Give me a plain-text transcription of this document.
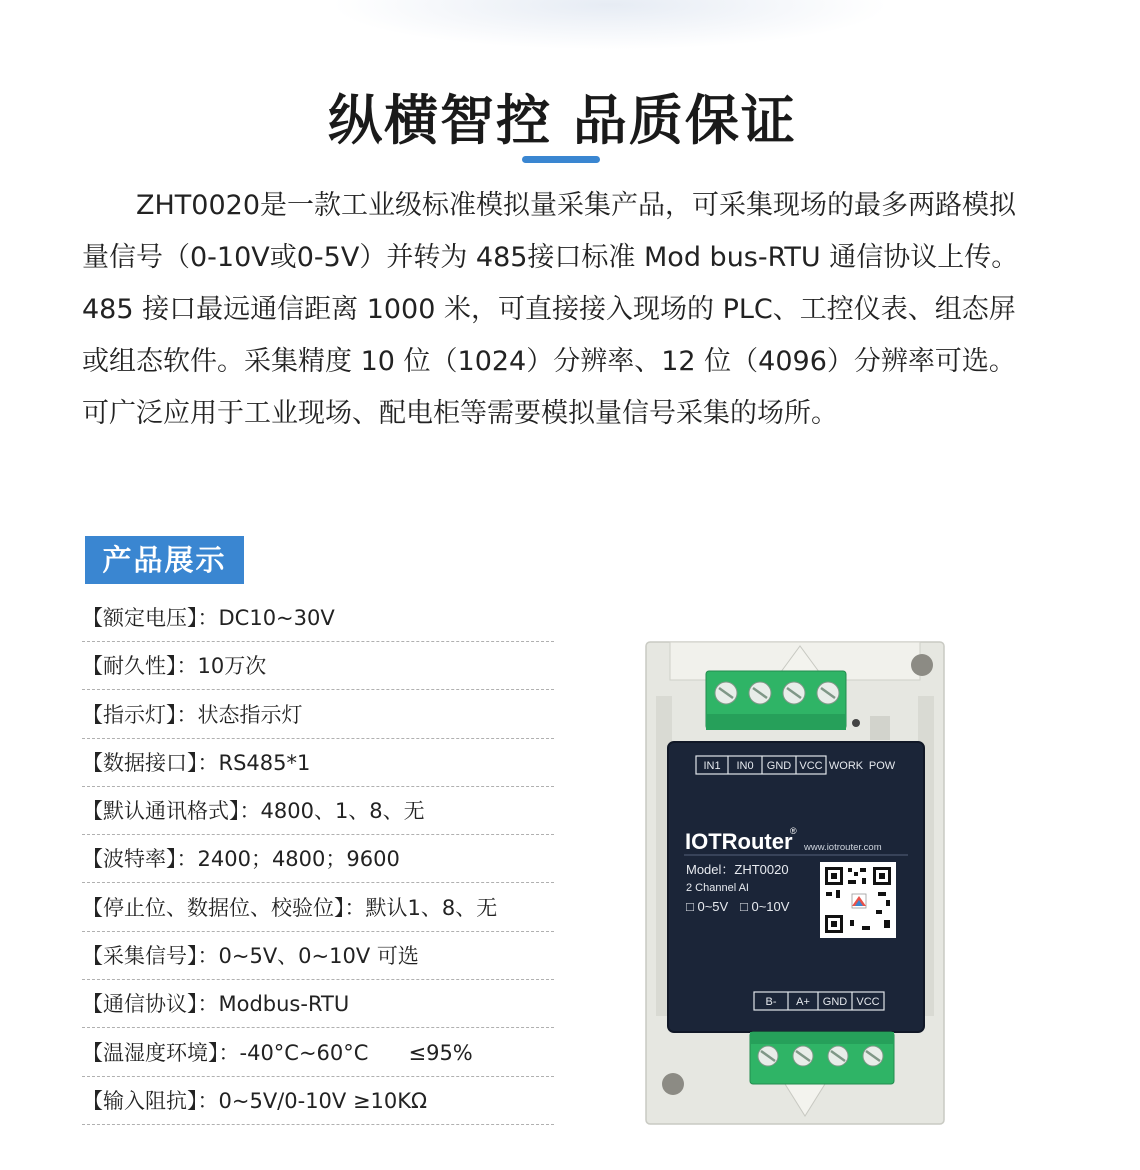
纵横智控 品质保证

ZHT0020是一款工业级标准模拟量采集产品，可采集现场的最多两路模拟量信号（0-10V或0-5V）并转为 485接口标准 Mod bus-RTU 通信协议上传。485 接口最远通信距离 1000 米，可直接接入现场的 PLC、工控仪表、组态屏或组态软件。采集精度 10 位（1024）分辨率、12 位（4096）分辨率可选。可广泛应用于工业现场、配电柜等需要模拟量信号采集的场所。

产品展示
【额定电压】：DC10~30V
【耐久性】：10万次
【指示灯】：状态指示灯
【数据接口】：RS485*1
【默认通讯格式】：4800、1、8、无
【波特率】：2400；4800；9600
【停止位、数据位、校验位】：默认1、8、无
【采集信号】：0~5V、0~10V 可选
【通信协议】：Modbus-RTU
【温湿度环境】：-40°C~60°C      ≤95%
【输入阻抗】：0~5V/0-10V ≥10KΩ
IN1 IN0 GND VCC WORK POW
IOTRouter
®
www.iotrouter.com
Model：ZHT0020
2 Channel AI
□ 0~5V □ 0~10V
B- A+ GND VCC
